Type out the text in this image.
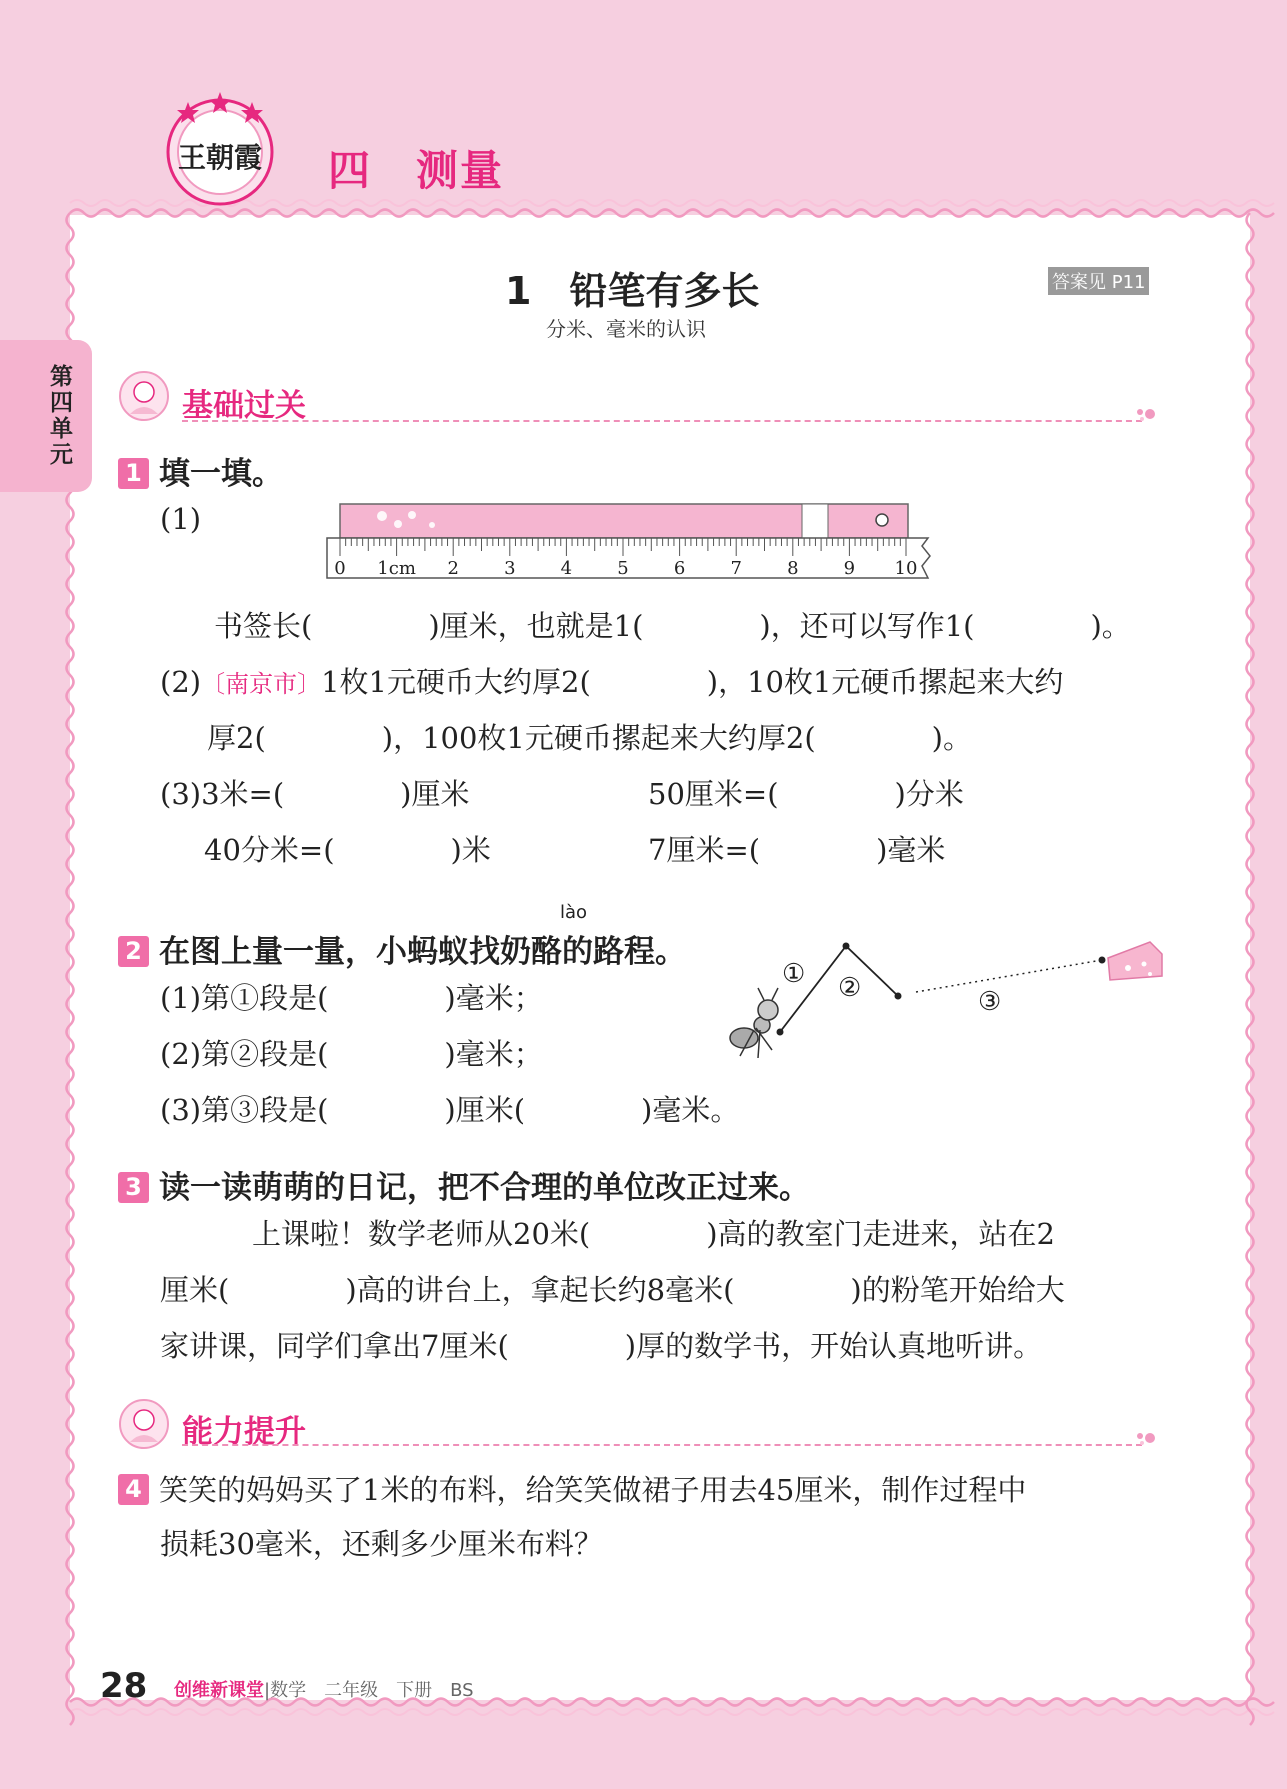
王朝霞 四　测量
第四单元
1　铅笔有多长
分米、毫米的认识
答案见 P11
基础过关
1 填一填。
(1)
0 1cm 2	3	4	5	6	7	8	9 10
书签长(　　　　)厘米，也就是1(　　　　)，还可以写作1(　　　　)。
(2)〔南京市〕1枚1元硬币大约厚2(　　　　)，10枚1元硬币摞起来大约
厚2(　　　　)，100枚1元硬币摞起来大约厚2(　　　　)。
(3)3米=(　　　　)厘米	50厘米=(　　　　)分米
40分米=(　　　　)米	7厘米=(　　　　)毫米
lào
2 在图上量一量，小蚂蚁找奶酪的路程。
(1)第①段是(　　　　)毫米；
(2)第②段是(　　　　)毫米；
(3)第③段是(　　　　)厘米(　　　　)毫米。
① ②	③
3 读一读萌萌的日记，把不合理的单位改正过来。
上课啦！数学老师从20米(　　　　)高的教室门走进来，站在2
厘米(　　　　)高的讲台上，拿起长约8毫米(　　　　)的粉笔开始给大
家讲课，同学们拿出7厘米(　　　　)厚的数学书，开始认真地听讲。
能力提升
4 笑笑的妈妈买了1米的布料，给笑笑做裙子用去45厘米，制作过程中
损耗30毫米，还剩多少厘米布料？
28 创维新课堂|数学　二年级　下册　BS
